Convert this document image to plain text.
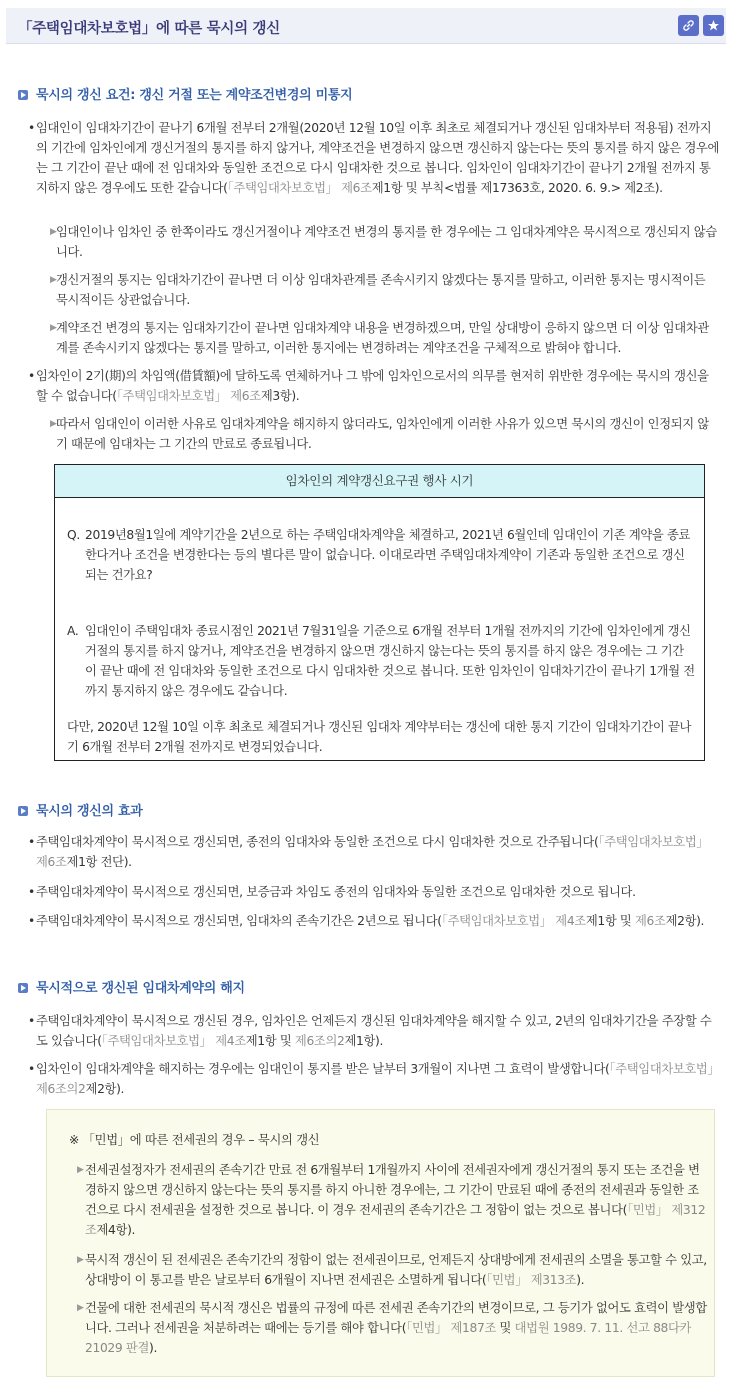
「주택임대차보호법」에 따른 묵시의 갱신
묵시의 갱신 요건: 갱신 거절 또는 계약조건변경의 미통지
• 임대인이 임대차기간이 끝나기 6개월 전부터 2개월(2020년 12월 10일 이후 최초로 체결되거나 갱신된 임대차부터 적용됨) 전까지의 기간에 임차인에게 갱신거절의 통지를 하지 않거나, 계약조건을 변경하지 않으면 갱신하지 않는다는 뜻의 통지를 하지 않은 경우에는 그 기간이 끝난 때에 전 임대차와 동일한 조건으로 다시 임대차한 것으로 봅니다. 임차인이 임대차기간이 끝나기 2개월 전까지 통지하지 않은 경우에도 또한 같습니다(「주택임대차보호법」 제6조제1항 및 부칙<법률 제17363호, 2020. 6. 9.> 제2조).
▶ 임대인이나 임차인 중 한쪽이라도 갱신거절이나 계약조건 변경의 통지를 한 경우에는 그 임대차계약은 묵시적으로 갱신되지 않습니다.
▶ 갱신거절의 통지는 임대차기간이 끝나면 더 이상 임대차관계를 존속시키지 않겠다는 통지를 말하고, 이러한 통지는 명시적이든 묵시적이든 상관없습니다.
▶ 계약조건 변경의 통지는 임대차기간이 끝나면 임대차계약 내용을 변경하겠으며, 만일 상대방이 응하지 않으면 더 이상 임대차관계를 존속시키지 않겠다는 통지를 말하고, 이러한 통지에는 변경하려는 계약조건을 구체적으로 밝혀야 합니다.
• 임차인이 2기(期)의 차임액(借賃額)에 달하도록 연체하거나 그 밖에 임차인으로서의 의무를 현저히 위반한 경우에는 묵시의 갱신을 할 수 없습니다(「주택임대차보호법」 제6조제3항).
▶ 따라서 임대인이 이러한 사유로 임대차계약을 해지하지 않더라도, 임차인에게 이러한 사유가 있으면 묵시의 갱신이 인정되지 않기 때문에 임대차는 그 기간의 만료로 종료됩니다.
임차인의 계약갱신요구권 행사 시기
Q. 2019년8월1일에 계약기간을 2년으로 하는 주택임대차계약을 체결하고, 2021년 6월인데 임대인이 기존 계약을 종료한다거나 조건을 변경한다는 등의 별다른 말이 없습니다. 이대로라면 주택임대차계약이 기존과 동일한 조건으로 갱신되는 건가요?
A. 임대인이 주택임대차 종료시점인 2021년 7월31일을 기준으로 6개월 전부터 1개월 전까지의 기간에 임차인에게 갱신거절의 통지를 하지 않거나, 계약조건을 변경하지 않으면 갱신하지 않는다는 뜻의 통지를 하지 않은 경우에는 그 기간이 끝난 때에 전 임대차와 동일한 조건으로 다시 임대차한 것으로 봅니다. 또한 임차인이 임대차기간이 끝나기 1개월 전까지 통지하지 않은 경우에도 같습니다.
다만, 2020년 12월 10일 이후 최초로 체결되거나 갱신된 임대차 계약부터는 갱신에 대한 통지 기간이 임대차기간이 끝나기 6개월 전부터 2개월 전까지로 변경되었습니다.
묵시의 갱신의 효과
• 주택임대차계약이 묵시적으로 갱신되면, 종전의 임대차와 동일한 조건으로 다시 임대차한 것으로 간주됩니다(「주택임대차보호법」 제6조제1항 전단).
• 주택임대차계약이 묵시적으로 갱신되면, 보증금과 차임도 종전의 임대차와 동일한 조건으로 임대차한 것으로 됩니다.
• 주택임대차계약이 묵시적으로 갱신되면, 임대차의 존속기간은 2년으로 됩니다(「주택임대차보호법」 제4조제1항 및 제6조제2항).
묵시적으로 갱신된 임대차계약의 해지
• 주택임대차계약이 묵시적으로 갱신된 경우, 임차인은 언제든지 갱신된 임대차계약을 해지할 수 있고, 2년의 임대차기간을 주장할 수도 있습니다(「주택임대차보호법」 제4조제1항 및 제6조의2제1항).
• 임차인이 임대차계약을 해지하는 경우에는 임대인이 통지를 받은 날부터 3개월이 지나면 그 효력이 발생합니다(「주택임대차보호법」 제6조의2제2항).
※ 「민법」에 따른 전세권의 경우 – 묵시의 갱신
▶ 전세권설정자가 전세권의 존속기간 만료 전 6개월부터 1개월까지 사이에 전세권자에게 갱신거절의 통지 또는 조건을 변경하지 않으면 갱신하지 않는다는 뜻의 통지를 하지 아니한 경우에는, 그 기간이 만료된 때에 종전의 전세권과 동일한 조건으로 다시 전세권을 설정한 것으로 봅니다. 이 경우 전세권의 존속기간은 그 정함이 없는 것으로 봅니다(「민법」 제312조제4항).
▶ 묵시적 갱신이 된 전세권은 존속기간의 정함이 없는 전세권이므로, 언제든지 상대방에게 전세권의 소멸을 통고할 수 있고, 상대방이 이 통고를 받은 날로부터 6개월이 지나면 전세권은 소멸하게 됩니다(「민법」 제313조).
▶ 건물에 대한 전세권의 묵시적 갱신은 법률의 규정에 따른 전세권 존속기간의 변경이므로, 그 등기가 없어도 효력이 발생합니다. 그러나 전세권을 처분하려는 때에는 등기를 해야 합니다(「민법」 제187조 및 대법원 1989. 7. 11. 선고 88다카21029 판결).
